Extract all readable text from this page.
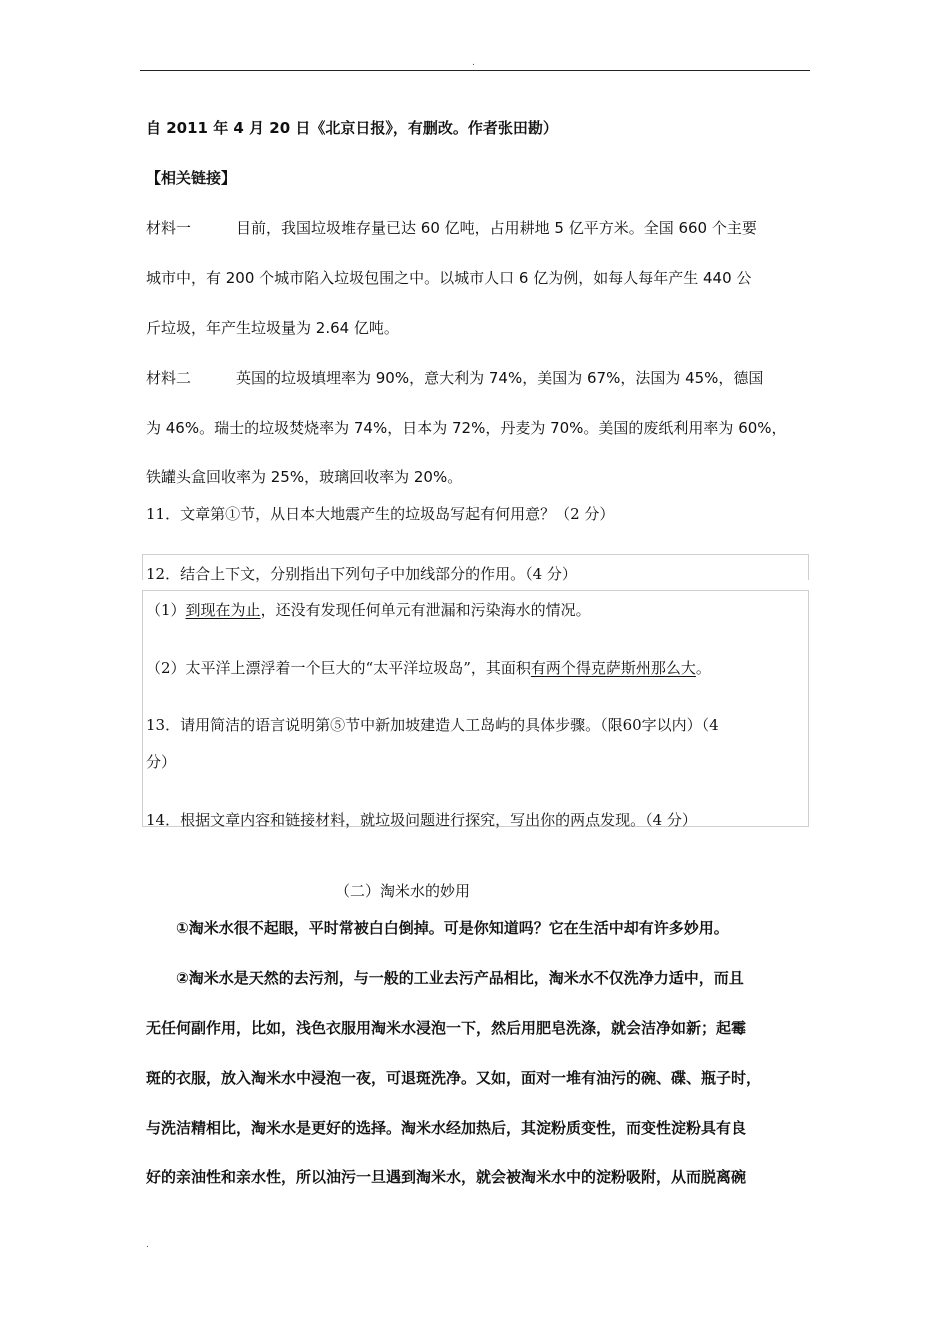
.
自 2011 年 4 月 20 日《北京日报》，有删改。作者张田勘）
【相关链接】
材料一	目前，我国垃圾堆存量已达 60 亿吨，占用耕地 5 亿平方米。全国 660 个主要
城市中，有 200 个城市陷入垃圾包围之中。以城市人口 6 亿为例，如每人每年产生 440 公
斤垃圾，年产生垃圾量为 2.64 亿吨。
材料二	英国的垃圾填埋率为 90%，意大利为 74%，美国为 67%，法国为 45%，德国
为 46%。瑞士的垃圾焚烧率为 74%，日本为 72%，丹麦为 70%。美国的废纸利用率为 60%，
铁罐头盒回收率为 25%，玻璃回收率为 20%。
11．文章第①节，从日本大地震产生的垃圾岛写起有何用意？（2 分）
12．结合上下文，分别指出下列句子中加线部分的作用。（4 分）
（1）到现在为止，还没有发现任何单元有泄漏和污染海水的情况。
（2）太平洋上漂浮着一个巨大的“太平洋垃圾岛”，其面积有两个得克萨斯州那么大。
13．请用简洁的语言说明第⑤节中新加坡建造人工岛屿的具体步骤。（限60字以内）（4
分）
14．根据文章内容和链接材料，就垃圾问题进行探究，写出你的两点发现。（4 分）
（二）淘米水的妙用
①淘米水很不起眼，平时常被白白倒掉。可是你知道吗？它在生活中却有许多妙用。
②淘米水是天然的去污剂，与一般的工业去污产品相比，淘米水不仅洗净力适中，而且
无任何副作用，比如，浅色衣服用淘米水浸泡一下，然后用肥皂洗涤，就会洁净如新；起霉
斑的衣服，放入淘米水中浸泡一夜，可退斑洗净。又如，面对一堆有油污的碗、碟、瓶子时，
与洗洁精相比，淘米水是更好的选择。淘米水经加热后，其淀粉质变性，而变性淀粉具有良
好的亲油性和亲水性，所以油污一旦遇到淘米水，就会被淘米水中的淀粉吸附，从而脱离碗
.
